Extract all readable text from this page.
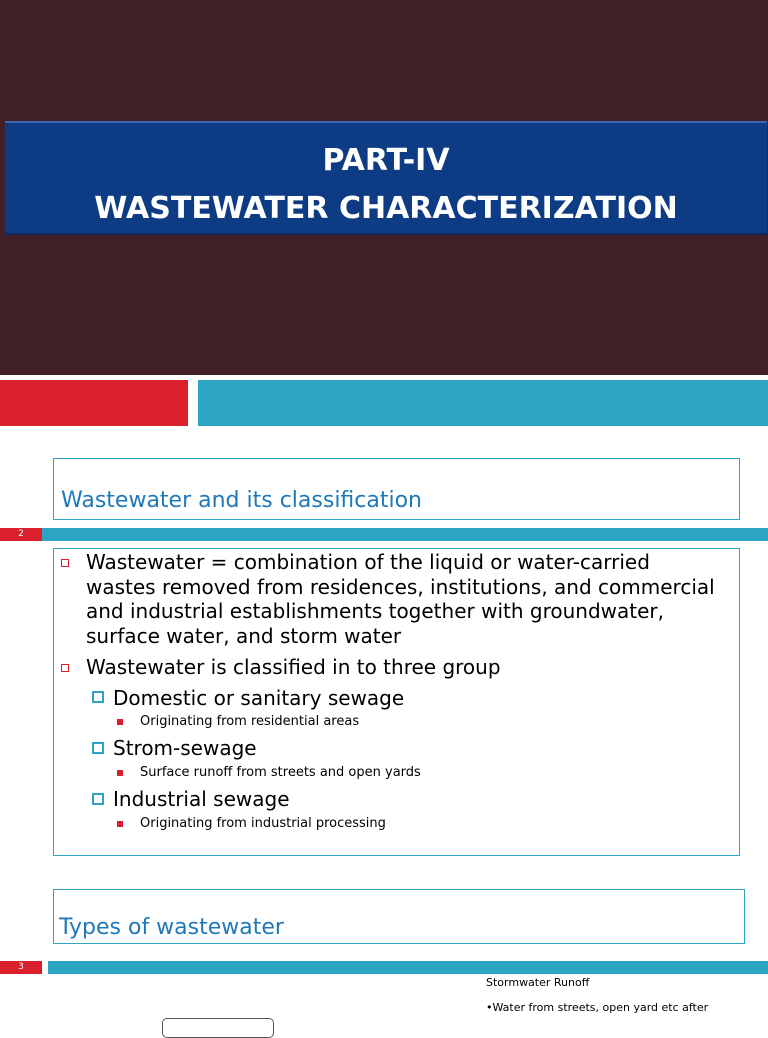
PART-IV
WASTEWATER CHARACTERIZATION
Wastewater and its classification
2
Wastewater = combination of the liquid or water-carried
wastes removed from residences, institutions, and commercial
and industrial establishments together with groundwater,
surface water, and storm water
Wastewater is classified in to three group
Domestic or sanitary sewage
Originating from residential areas
Strom-sewage
Surface runoff from streets and open yards
Industrial sewage
Originating from industrial processing
Types of wastewater
3
Stormwater Runoff
•Water from streets, open yard etc after
